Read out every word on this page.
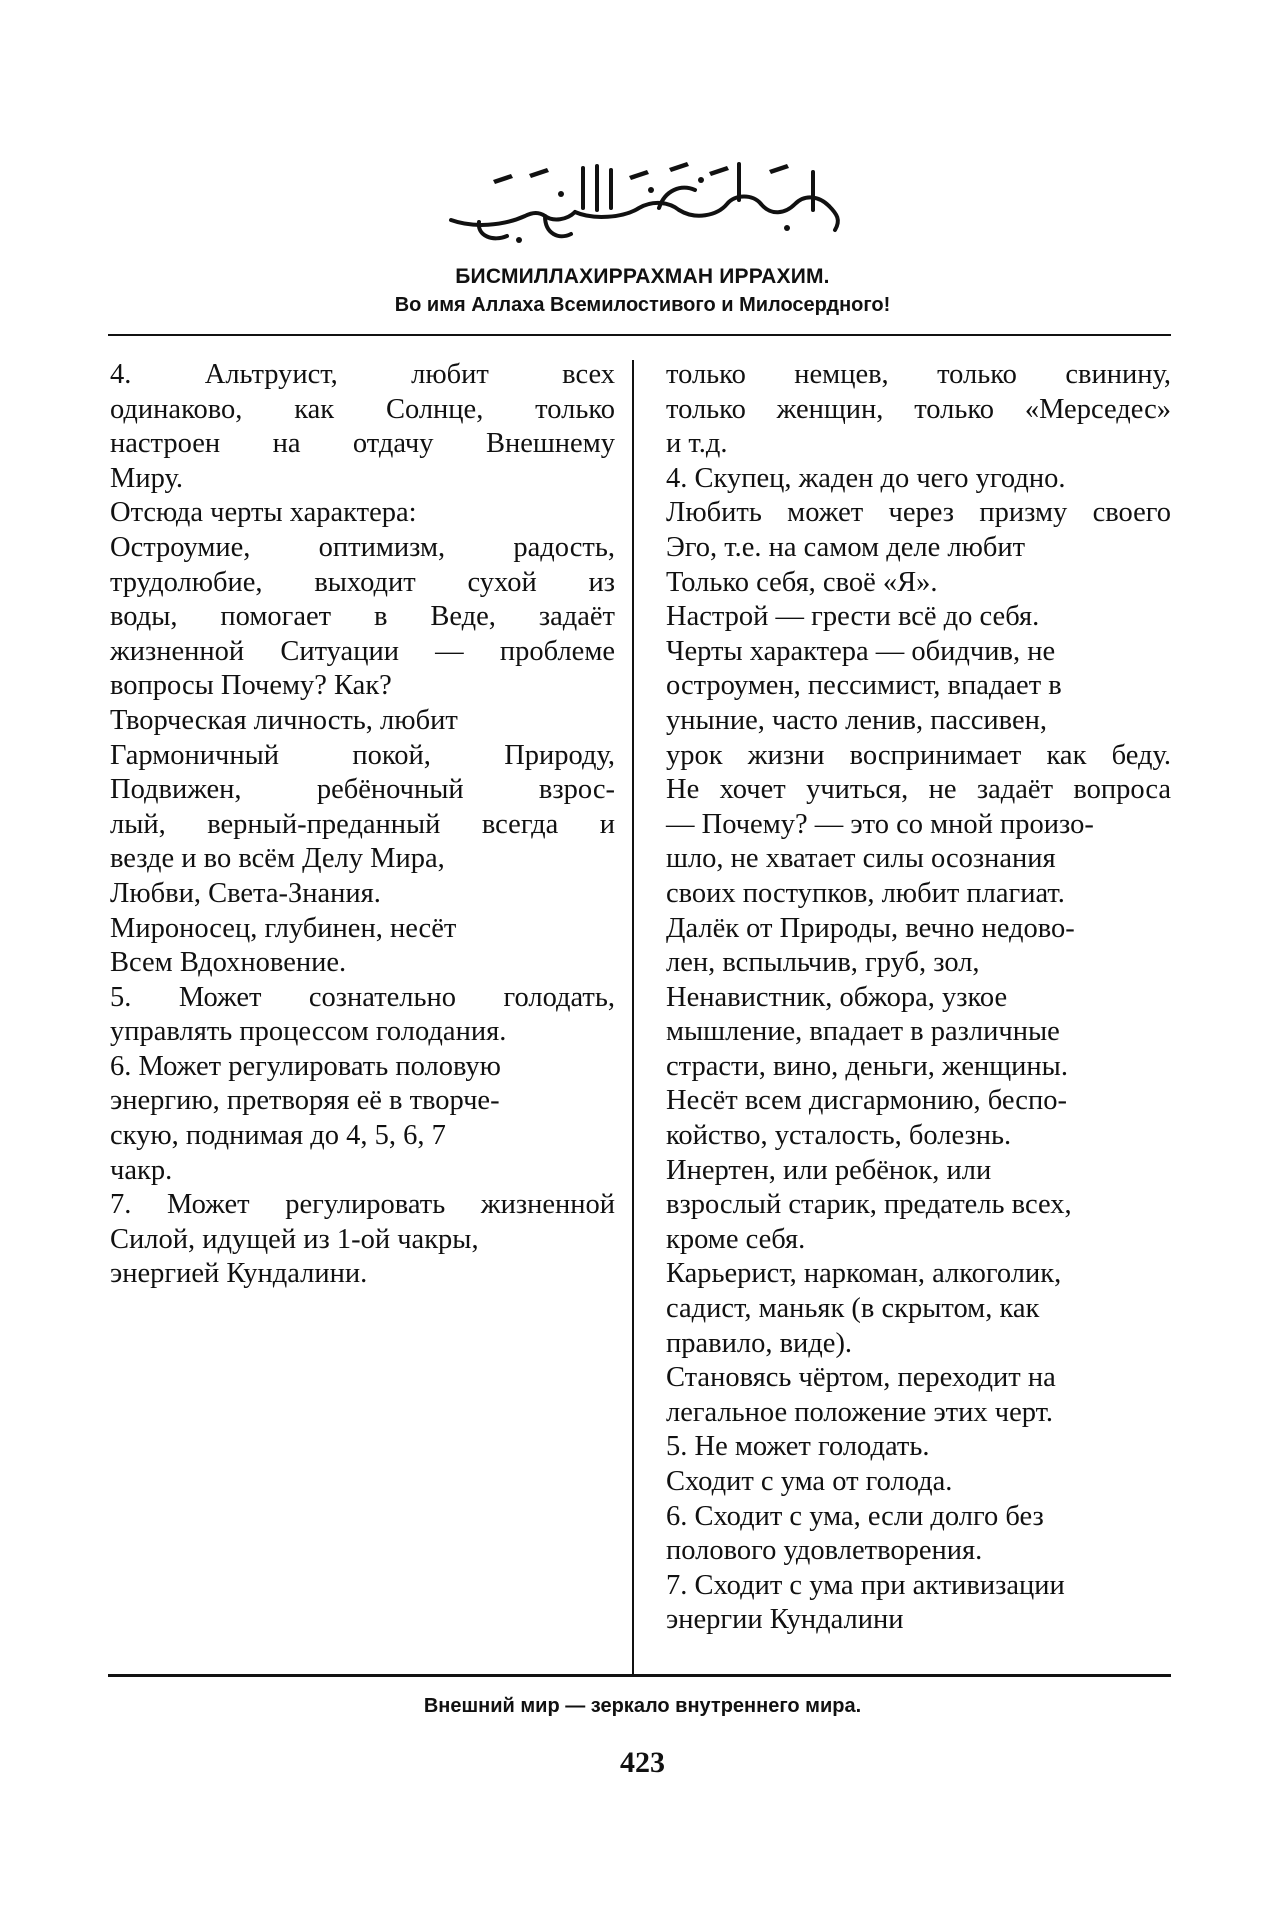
БИСМИЛЛАХИРРАХМАН ИРРАХИМ.
Во имя Аллаха Всемилостивого и Милосердного!
4. Альтруист, любит всех
одинаково, как Солнце, только
настроен на отдачу Внешнему
Миру.
Отсюда черты характера:
Остроумие, оптимизм, радость,
трудолюбие, выходит сухой из
воды, помогает в Веде, задаёт
жизненной Ситуации — проблеме
вопросы Почему? Как?
Творческая личность, любит
Гармоничный покой, Природу,
Подвижен, ребёночный взрос-
лый, верный-преданный всегда и
везде и во всём Делу Мира,
Любви, Света-Знания.
Мироносец, глубинен, несёт
Всем Вдохновение.
5. Может сознательно голодать,
управлять процессом голодания.
6. Может регулировать половую
энергию, претворяя её в творче-
скую, поднимая до 4, 5, 6, 7
чакр.
7. Может регулировать жизненной
Силой, идущей из 1-ой чакры,
энергией Кундалини.
только немцев, только свинину,
только женщин, только «Мерседес»
и т.д.
4. Скупец, жаден до чего угодно.
Любить может через призму своего
Эго, т.е. на самом деле любит
Только себя, своё «Я».
Настрой — грести всё до себя.
Черты характера — обидчив, не
остроумен, пессимист, впадает в
уныние, часто ленив, пассивен,
урок жизни воспринимает как беду.
Не хочет учиться, не задаёт вопроса
— Почему? — это со мной произо-
шло, не хватает силы осознания
своих поступков, любит плагиат.
Далёк от Природы, вечно недово-
лен, вспыльчив, груб, зол,
Ненавистник, обжора, узкое
мышление, впадает в различные
страсти, вино, деньги, женщины.
Несёт всем дисгармонию, беспо-
койство, усталость, болезнь.
Инертен, или ребёнок, или
взрослый старик, предатель всех,
кроме себя.
Карьерист, наркоман, алкоголик,
садист, маньяк (в скрытом, как
правило, виде).
Становясь чёртом, переходит на
легальное положение этих черт.
5. Не может голодать.
Сходит с ума от голода.
6. Сходит с ума, если долго без
полового удовлетворения.
7. Сходит с ума при активизации
энергии Кундалини
Внешний мир — зеркало внутреннего мира.
423
